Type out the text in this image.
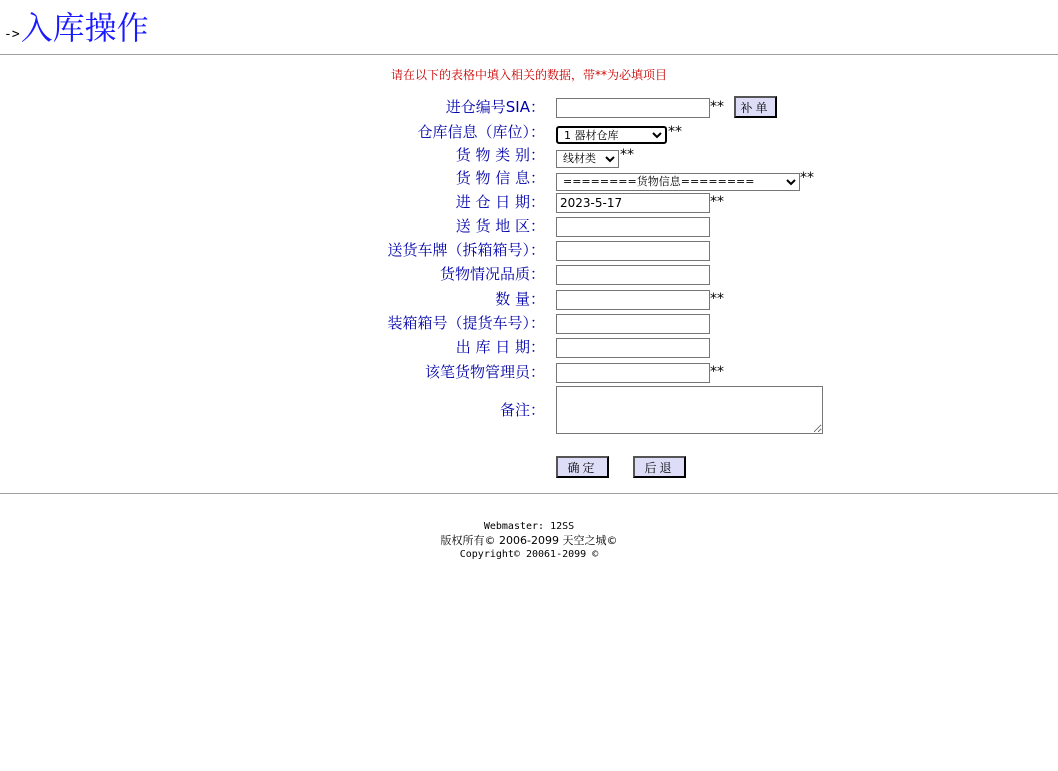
-> 入库操作
请在以下的表格中填入相关的数据，带**为必填项目
进仓编号SIA：	**	补单
仓库信息（库位）：
1 器材仓库	**
货 物 类 别：
线材类	**
货 物 信 息：
========货物信息========	**
进 仓 日 期：
2023-5-17	**
送 货 地 区：
送货车牌（拆箱箱号）：
货物情况品质：
数 量：	**
装箱箱号（提货车号）：
出 库 日 期：
该笔货物管理员：	**
备注：
确定	后退
Webmaster: 12SS
版权所有© 2006-2099 天空之城©
Copyright© 20061-2099 ©
